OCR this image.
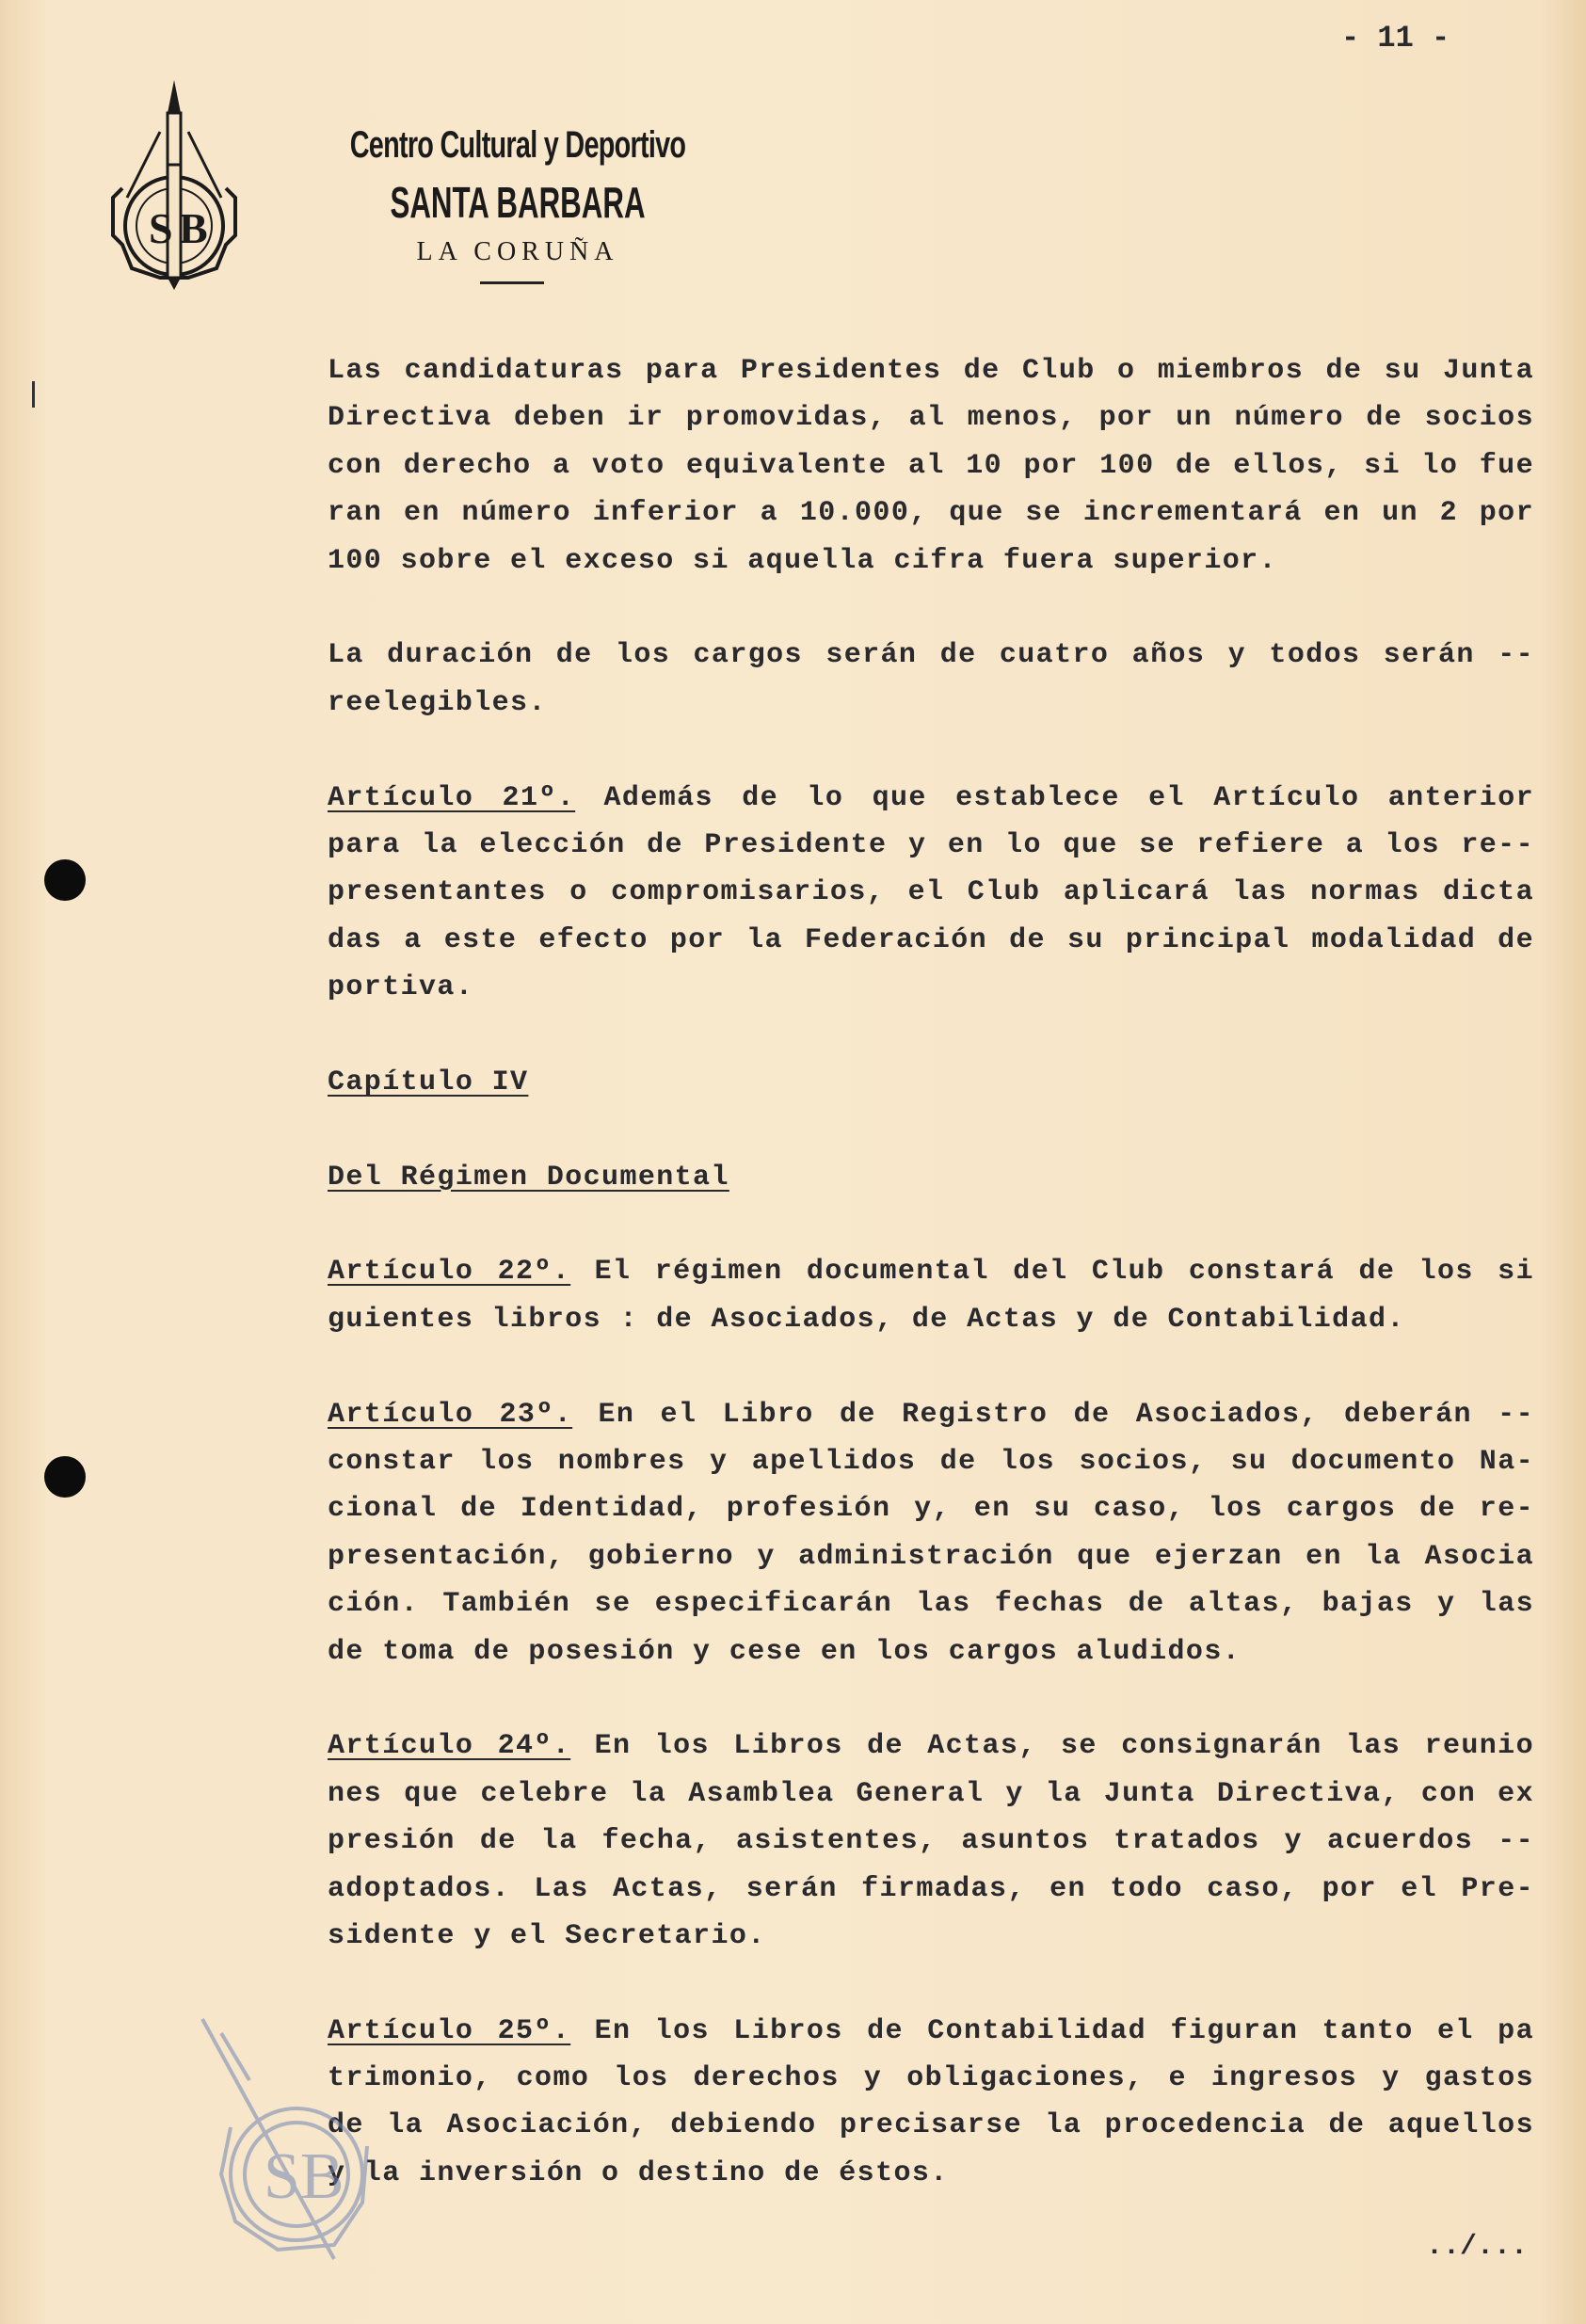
- 11 -
S B
Centro Cultural y Deportivo
SANTA BARBARA
LA CORUÑA
Las candidaturas para Presidentes de Club o miembros de su Junta
Directiva deben ir promovidas, al menos, por un número de socios
con derecho a voto equivalente al 10 por 100 de ellos, si lo fue
ran en número inferior a 10.000, que se incrementará en un 2 por
100 sobre el exceso si aquella cifra fuera superior.
La duración de los cargos serán de cuatro años y todos serán --
reelegibles.
Artículo 21º. Además de lo que establece el Artículo anterior
para la elección de Presidente y en lo que se refiere a los re--
presentantes o compromisarios, el Club aplicará las normas dicta
das a este efecto por la Federación de su principal modalidad de
portiva.
Capítulo IV
Del Régimen Documental
Artículo 22º. El régimen documental del Club constará de los si
guientes libros : de Asociados, de Actas y de Contabilidad.
Artículo 23º. En el Libro de Registro de Asociados, deberán --
constar los nombres y apellidos de los socios, su documento Na-
cional de Identidad, profesión y, en su caso, los cargos de re-
presentación, gobierno y administración que ejerzan en la Asocia
ción. También se especificarán las fechas de altas, bajas y las
de toma de posesión y cese en los cargos aludidos.
Artículo 24º. En los Libros de Actas, se consignarán las reunio
nes que celebre la Asamblea General y la Junta Directiva, con ex
presión de la fecha, asistentes, asuntos tratados y acuerdos --
adoptados. Las Actas, serán firmadas, en todo caso, por el Pre-
sidente y el Secretario.
Artículo 25º. En los Libros de Contabilidad figuran tanto el pa
trimonio, como los derechos y obligaciones, e ingresos y gastos
de la Asociación, debiendo precisarse la procedencia de aquellos
y la inversión o destino de éstos.
../...
SB
